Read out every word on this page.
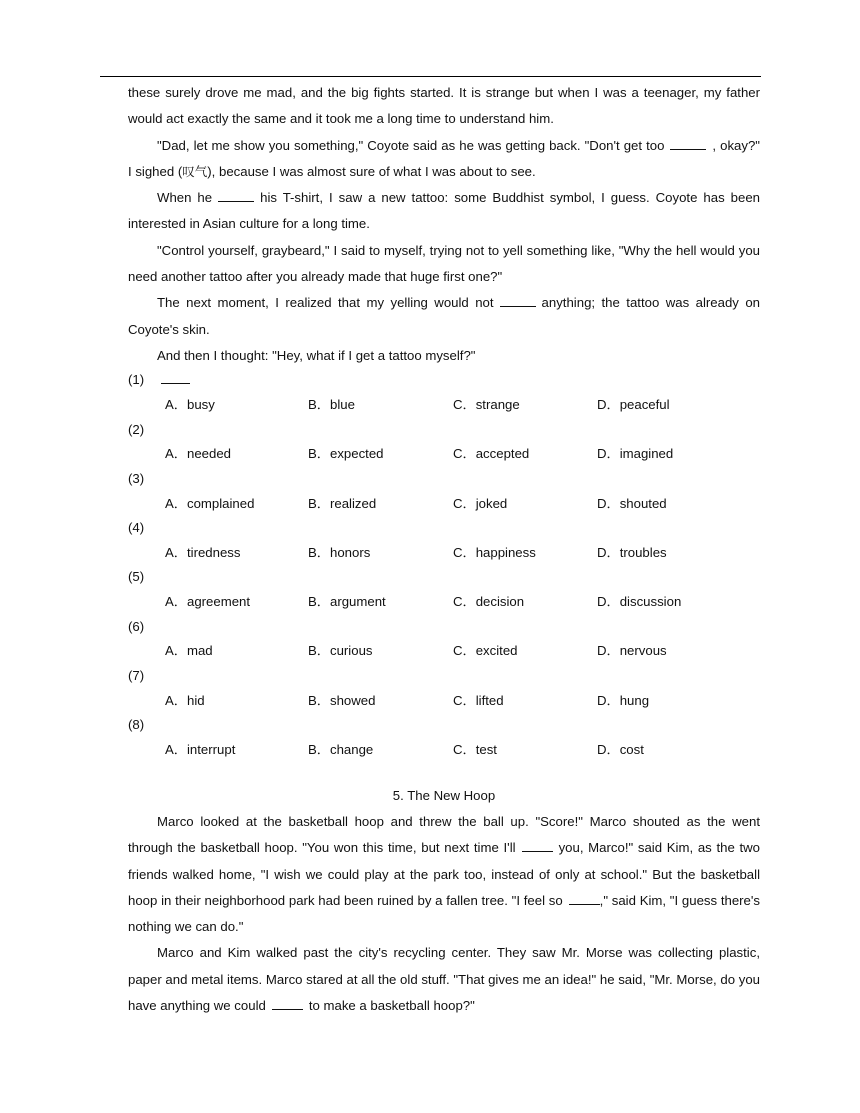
these surely drove me mad, and the big fights started. It is strange but when I was a teenager, my father would act exactly the same and it took me a long time to understand him.

"Dad, let me show you something," Coyote said as he was getting back. "Don't get too	, okay?" I sighed (叹气), because I was almost sure of what I was about to see.

When he	his T-shirt, I saw a new tattoo: some Buddhist symbol, I guess. Coyote has been interested in Asian culture for a long time.

"Control yourself, graybeard," I said to myself, trying not to yell something like, "Why the hell would you need another tattoo after you already made that huge first one?"

The next moment, I realized that my yelling would not	anything; the tattoo was already on Coyote's skin.

And then I thought: "Hey, what if I get a tattoo myself?"

(1)
A．busy	B．blue	C．strange	D．peaceful
(2)
A．needed	B．expected	C．accepted	D．imagined
(3)
A．complained	B．realized	C．joked	D．shouted
(4)
A．tiredness	B．honors	C．happiness	D．troubles
(5)
A．agreement	B．argument	C．decision	D．discussion
(6)
A．mad	B．curious	C．excited	D．nervous
(7)
A．hid	B．showed	C．lifted	D．hung
(8)
A．interrupt	B．change	C．test	D．cost
5. The New Hoop

Marco looked at the basketball hoop and threw the ball up. "Score!" Marco shouted as the went through the basketball hoop. "You won this time, but next time I'll	you, Marco!" said Kim, as the two friends walked home, "I wish we could play at the park too, instead of only at school." But the basketball hoop in their neighborhood park had been ruined by a fallen tree. "I feel so	," said Kim, "I guess there's nothing we can do."

Marco and Kim walked past the city's recycling center. They saw Mr. Morse was collecting plastic, paper and metal items. Marco stared at all the old stuff. "That gives me an idea!" he said, "Mr. Morse, do you have anything we could	to make a basketball hoop?"
